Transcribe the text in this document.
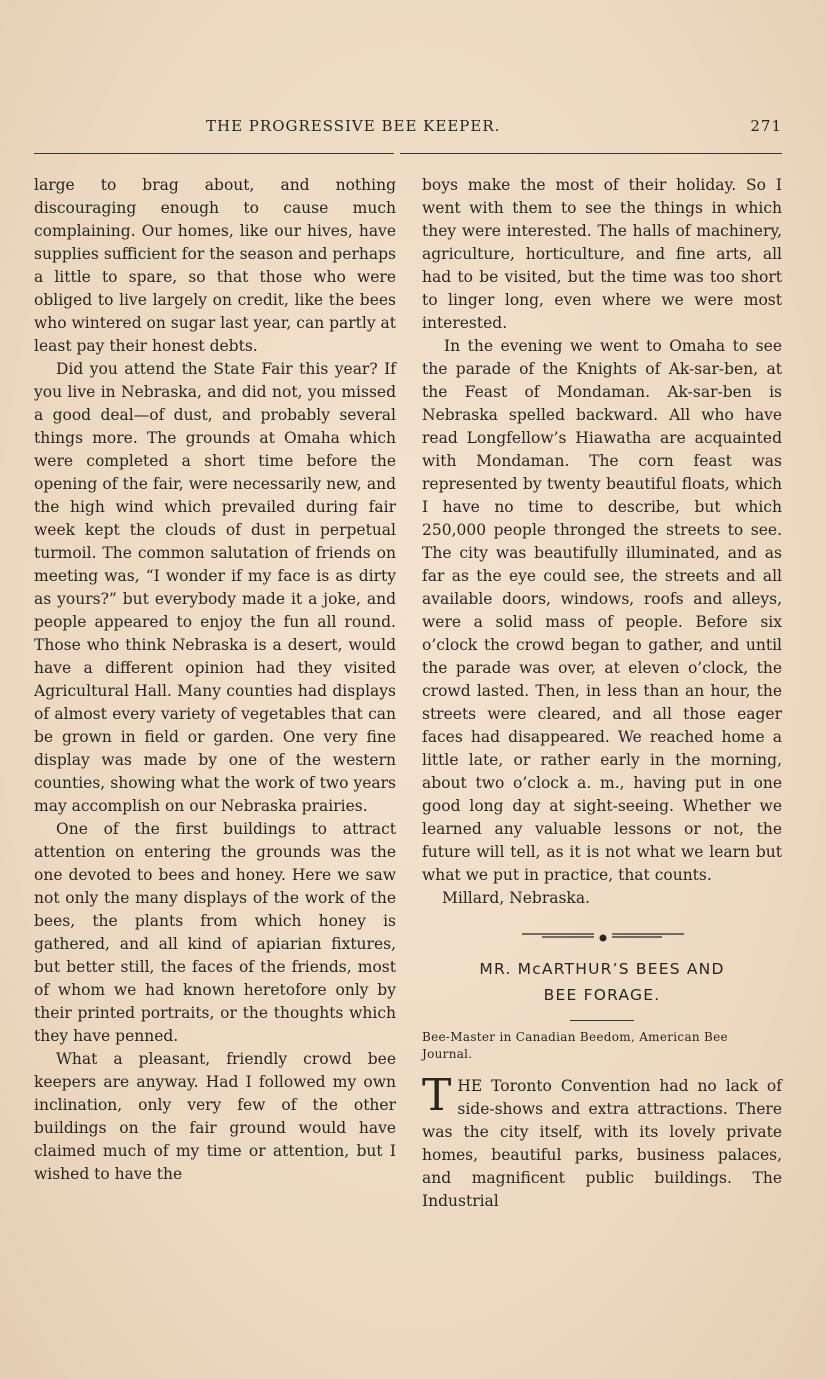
THE PROGRESSIVE BEE KEEPER.	271

large to brag about, and nothing discouraging enough to cause much complaining. Our homes, like our hives, have supplies sufficient for the season and perhaps a little to spare, so that those who were obliged to live largely on credit, like the bees who wintered on sugar last year, can partly at least pay their honest debts.

Did you attend the State Fair this year? If you live in Nebraska, and did not, you missed a good deal—of dust, and probably several things more. The grounds at Omaha which were completed a short time before the opening of the fair, were necessarily new, and the high wind which prevailed during fair week kept the clouds of dust in perpetual turmoil. The common salutation of friends on meeting was, “I wonder if my face is as dirty as yours?” but everybody made it a joke, and people appeared to enjoy the fun all round. Those who think Nebraska is a desert, would have a different opinion had they visited Agricultural Hall. Many counties had displays of almost every variety of vegetables that can be grown in field or garden. One very fine display was made by one of the western counties, showing what the work of two years may accomplish on our Nebraska prairies.

One of the first buildings to attract attention on entering the grounds was the one devoted to bees and honey. Here we saw not only the many displays of the work of the bees, the plants from which honey is gathered, and all kind of apiarian fixtures, but better still, the faces of the friends, most of whom we had known heretofore only by their printed portraits, or the thoughts which they have penned.

What a pleasant, friendly crowd bee keepers are anyway. Had I followed my own inclination, only very few of the other buildings on the fair ground would have claimed much of my time or attention, but I wished to have the

boys make the most of their holiday. So I went with them to see the things in which they were interested. The halls of machinery, agriculture, horticulture, and fine arts, all had to be visited, but the time was too short to linger long, even where we were most interested.

In the evening we went to Omaha to see the parade of the Knights of Ak-sar-ben, at the Feast of Mondaman. Ak-sar-ben is Nebraska spelled backward. All who have read Longfellow’s Hiawatha are acquainted with Mondaman. The corn feast was represented by twenty beautiful floats, which I have no time to describe, but which 250,000 people thronged the streets to see. The city was beautifully illuminated, and as far as the eye could see, the streets and all available doors, windows, roofs and alleys, were a solid mass of people. Before six o’clock the crowd began to gather, and until the parade was over, at eleven o’clock, the crowd lasted. Then, in less than an hour, the streets were cleared, and all those eager faces had disappeared. We reached home a little late, or rather early in the morning, about two o’clock a. m., having put in one good long day at sight-seeing. Whether we learned any valuable lessons or not, the future will tell, as it is not what we learn but what we put in practice, that counts.

Millard, Nebraska.

MR. McARTHUR’S BEES AND
BEE FORAGE.
Bee-Master in Canadian Beedom, American Bee Journal.
T HE Toronto Convention had no lack of side-shows and extra attractions. There was the city itself, with its lovely private homes, beautiful parks, business palaces, and magnificent public buildings. The Industrial
